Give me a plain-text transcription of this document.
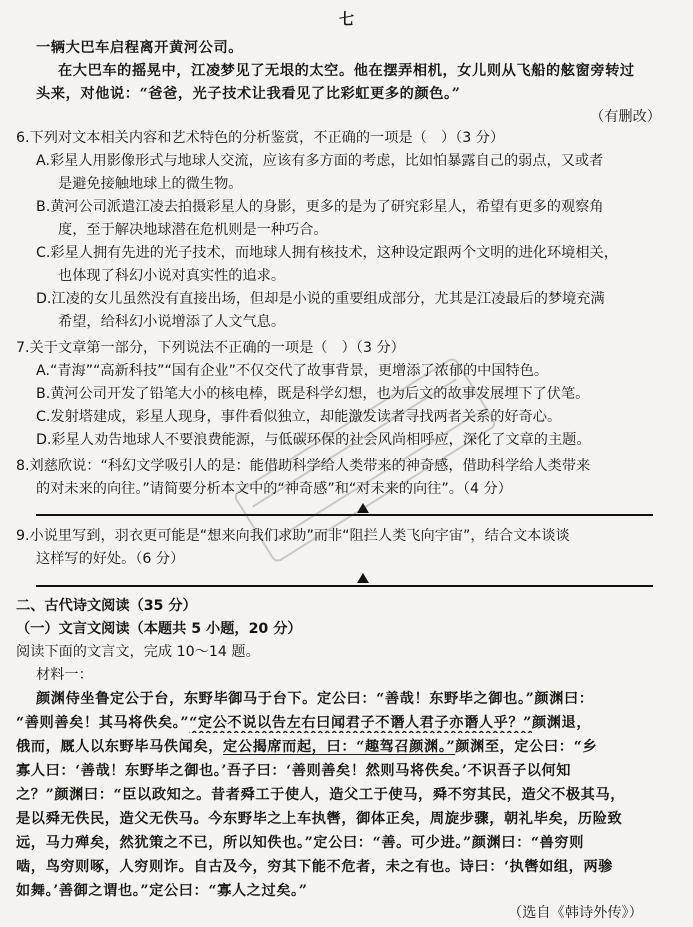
七
一辆大巴车启程离开黄河公司。
在大巴车的摇晃中，江凌梦见了无垠的太空。他在摆弄相机，女儿则从飞船的舷窗旁转过
头来，对他说：“爸爸，光子技术让我看见了比彩虹更多的颜色。”
（有删改）
6.下列对文本相关内容和艺术特色的分析鉴赏，不正确的一项是（　）（3 分）
A.彩星人用影像形式与地球人交流，应该有多方面的考虑，比如怕暴露自己的弱点，又或者
是避免接触地球上的微生物。
B.黄河公司派遣江凌去拍摄彩星人的身影，更多的是为了研究彩星人，希望有更多的观察角
度，至于解决地球潜在危机则是一种巧合。
C.彩星人拥有先进的光子技术，而地球人拥有核技术，这种设定跟两个文明的进化环境相关，
也体现了科幻小说对真实性的追求。
D.江凌的女儿虽然没有直接出场，但却是小说的重要组成部分，尤其是江凌最后的梦境充满
希望，给科幻小说增添了人文气息。
7.关于文章第一部分，下列说法不正确的一项是（　）（3 分）
A.“青海”“高新科技”“国有企业”不仅交代了故事背景，更增添了浓郁的中国特色。
B.黄河公司开发了铅笔大小的核电棒，既是科学幻想，也为后文的故事发展埋下了伏笔。
C.发射塔建成，彩星人现身，事件看似独立，却能激发读者寻找两者关系的好奇心。
D.彩星人劝告地球人不要浪费能源，与低碳环保的社会风尚相呼应，深化了文章的主题。
8.刘慈欣说：“科幻文学吸引人的是：能借助科学给人类带来的神奇感，借助科学给人类带来
的对未来的向往。”请简要分析本文中的“神奇感”和“对未来的向往”。（4 分）
9.小说里写到，羽衣更可能是“想来向我们求助”而非“阻拦人类飞向宇宙”，结合文本谈谈
这样写的好处。（6 分）
二、古代诗文阅读（35 分）
（一）文言文阅读（本题共 5 小题，20 分）
阅读下面的文言文，完成 10～14 题。
材料一：
颜渊侍坐鲁定公于台，东野毕御马于台下。定公曰：“善哉！东野毕之御也。”颜渊曰：
“善则善矣！其马将佚矣。”“定公不说以告左右曰闻君子不谮人君子亦谮人乎？”颜渊退，
俄而，厩人以东野毕马佚闻矣，定公揭席而起，曰：“趣驾召颜渊。”颜渊至，定公曰：“乡
寡人曰：‘善哉！东野毕之御也。’吾子曰：‘善则善矣！然则马将佚矣。’不识吾子以何知
之？”颜渊曰：“臣以政知之。昔者舜工于使人，造父工于使马，舜不穷其民，造父不极其马，
是以舜无佚民，造父无佚马。今东野毕之上车执辔，御体正矣，周旋步骤，朝礼毕矣，历险致
远，马力殚矣，然犹策之不已，所以知佚也。”定公曰：“善。可少进。”颜渊曰：“兽穷则
啮，鸟穷则啄，人穷则诈。自古及今，穷其下能不危者，未之有也。诗曰：‘执辔如组，两骖
如舞。’善御之谓也。”定公曰：“寡人之过矣。”
（选自《韩诗外传》）
